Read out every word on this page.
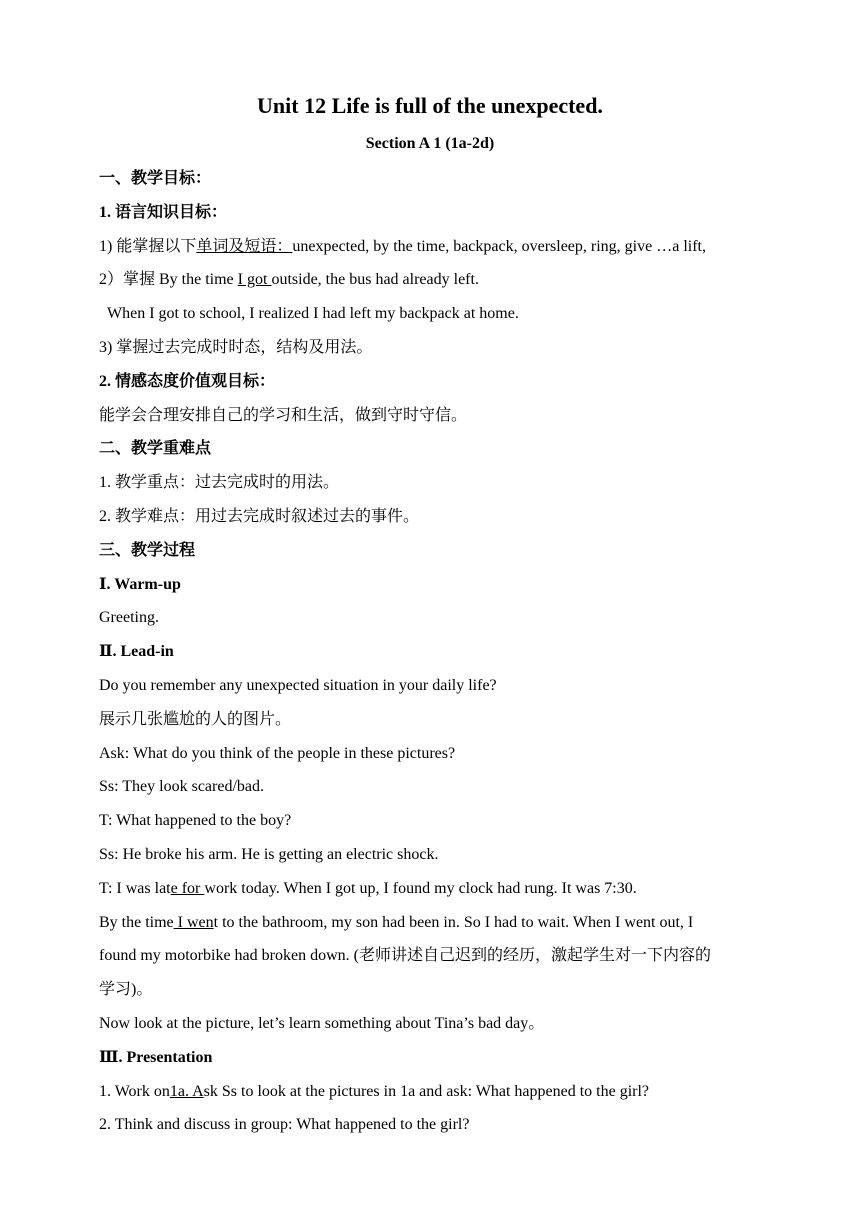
Unit 12 Life is full of the unexpected.
Section A 1 (1a-2d)
一、教学目标：
1. 语言知识目标：
1) 能掌握以下单词及短语：unexpected, by the time, backpack, oversleep, ring, give …a lift,
2）掌握 By the time I got outside, the bus had already left.
When I got to school, I realized I had left my backpack at home.
3) 掌握过去完成时时态，结构及用法。
2. 情感态度价值观目标：
能学会合理安排自己的学习和生活，做到守时守信。
二、教学重难点
1. 教学重点：过去完成时的用法。
2. 教学难点：用过去完成时叙述过去的事件。
三、教学过程
Ⅰ. Warm-up
Greeting.
Ⅱ. Lead-in
Do you remember any unexpected situation in your daily life?
展示几张尴尬的人的图片。
Ask: What do you think of the people in these pictures?
Ss: They look scared/bad.
T: What happened to the boy?
Ss: He broke his arm. He is getting an electric shock.
T: I was late for work today. When I got up, I found my clock had rung. It was 7:30.
By the time I went to the bathroom, my son had been in. So I had to wait. When I went out, I
found my motorbike had broken down. (老师讲述自己迟到的经历，激起学生对一下内容的
学习)。
Now look at the picture, let’s learn something about Tina’s bad day。
Ⅲ. Presentation
1. Work on1a. Ask Ss to look at the pictures in 1a and ask: What happened to the girl?
2. Think and discuss in group: What happened to the girl?
